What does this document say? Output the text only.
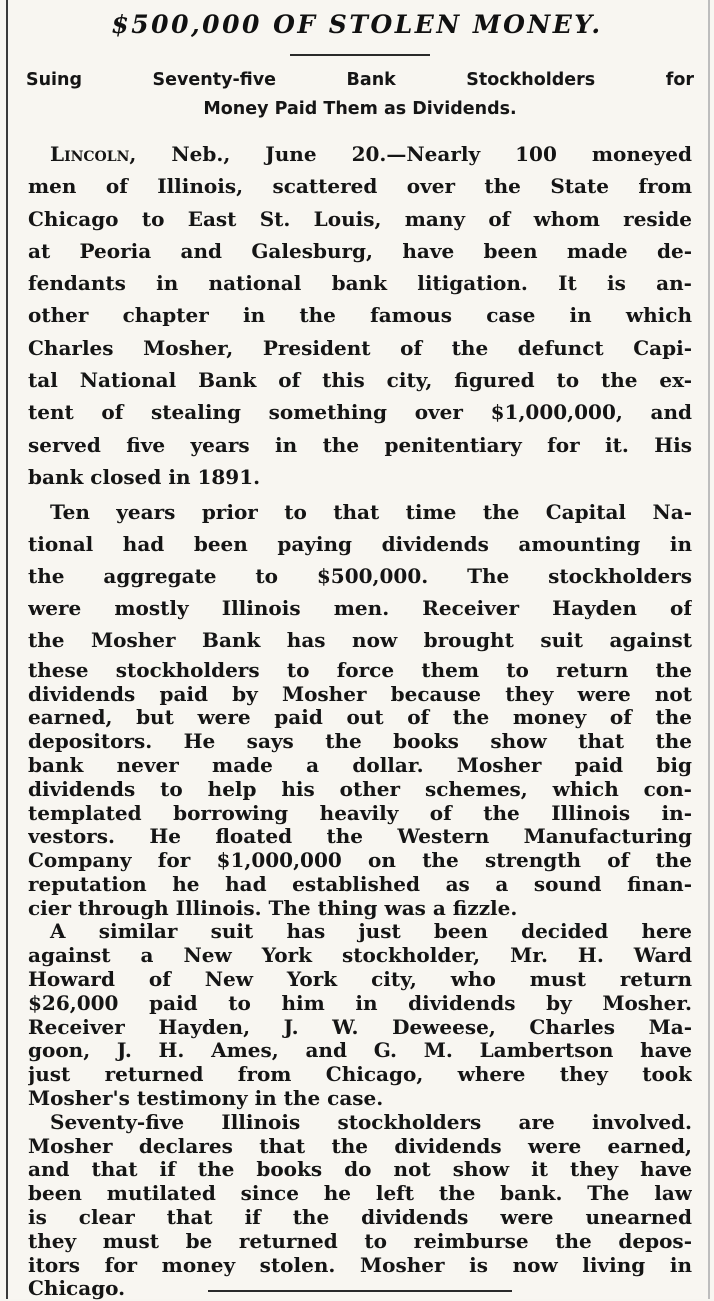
$500,000 OF STOLEN MONEY.
Suing Seventy-five Bank Stockholders for
Money Paid Them as Dividends.
Lincoln, Neb., June 20.—Nearly 100 moneyed
men of Illinois, scattered over the State from
Chicago to East St. Louis, many of whom reside
at Peoria and Galesburg, have been made de-
fendants in national bank litigation. It is an-
other chapter in the famous case in which
Charles Mosher, President of the defunct Capi-
tal National Bank of this city, figured to the ex-
tent of stealing something over $1,000,000, and
served five years in the penitentiary for it. His
bank closed in 1891.
Ten years prior to that time the Capital Na-
tional had been paying dividends amounting in
the aggregate to $500,000. The stockholders
were mostly Illinois men. Receiver Hayden of
the Mosher Bank has now brought suit against
these stockholders to force them to return the
dividends paid by Mosher because they were not
earned, but were paid out of the money of the
depositors. He says the books show that the
bank never made a dollar. Mosher paid big
dividends to help his other schemes, which con-
templated borrowing heavily of the Illinois in-
vestors. He floated the Western Manufacturing
Company for $1,000,000 on the strength of the
reputation he had established as a sound finan-
cier through Illinois. The thing was a fizzle.
A similar suit has just been decided here
against a New York stockholder, Mr. H. Ward
Howard of New York city, who must return
$26,000 paid to him in dividends by Mosher.
Receiver Hayden, J. W. Deweese, Charles Ma-
goon, J. H. Ames, and G. M. Lambertson have
just returned from Chicago, where they took
Mosher's testimony in the case.
Seventy-five Illinois stockholders are involved.
Mosher declares that the dividends were earned,
and that if the books do not show it they have
been mutilated since he left the bank. The law
is clear that if the dividends were unearned
they must be returned to reimburse the depos-
itors for money stolen. Mosher is now living in
Chicago.
